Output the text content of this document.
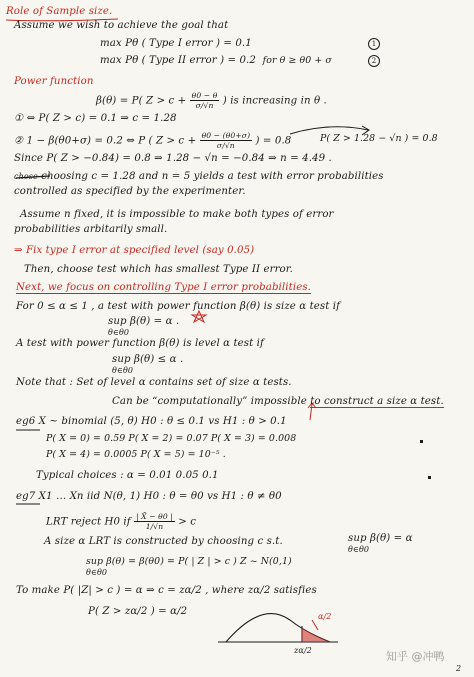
Role of Sample size.
Assume we wish to achieve the goal that
max Pθ ( Type I error ) = 0.1	1
max Pθ ( Type II error ) = 0.2 for θ ≥ θ0 + σ	2
Power function
β(θ) = P( $Z > c + \frac{\theta 0 - \theta}{\sigma/√n}$ ) is increasing in θ .
① ⇔ P( Z > c) = 0.1 ⇒ c = 1.28
② 1 − β(θ0+σ) = 0.2 ⇔ P ( $Z > c + \frac{\theta 0 - (\theta 0+\sigma)}{\sigma/√n}$ ) = 0.8	P( Z > 1.28 − √n ) = 0.8
Since P( Z > −0.84) = 0.8 ⇒ 1.28 − √n = −0.84 ⇒ n = 4.49 .
chose choosing c = 1.28 and n = 5 yields a test with error probabilities
controlled as specified by the experimenter.
Assume n fixed, it is impossible to make both types of error
probabilities arbitarily small.
⇒ Fix type I error at specified level (say 0.05)
Then, choose test which has smallest Type II error.
Next, we focus on controlling Type I error probabilities.
For 0 ≤ α ≤ 1 , a test with power function β(θ) is size α test if
sup β(θ) = α .
θ∈θ0
A test with power function β(θ) is level α test if
sup β(θ) ≤ α .
θ∈θ0
Note that : Set of level α contains set of size α tests.
Can be “computationally” impossible to construct a size α test.
eg6 X ~ binomial (5, θ) H0 : θ ≤ 0.1 vs H1 : θ > 0.1
P( X = 0) = 0.59 P( X = 2) = 0.07 P( X = 3) = 0.008
P( X = 4) = 0.0005 P( X = 5) = 10⁻⁵ .
Typical choices : α = 0.01 0.05 0.1
eg7 X1 … Xn iid N(θ, 1) H0 : θ = θ0 vs H1 : θ ≠ θ0
LRT reject H0 if $\frac{| X̄ - \theta 0 |}{1/√n} > c$
A size α LRT is constructed by choosing c s.t.	sup β(θ) = α
θ∈θ0
sup β(θ) = β(θ0) = P( | Z | > c ) Z ~ N(0,1)
θ∈θ0
To make P( |Z| > c ) = α ⇒ c = zα/2 , where zα/2 satisfies
P( Z > zα/2 ) = α/2	α/2
zα/2	知乎 @冲鸭
2
